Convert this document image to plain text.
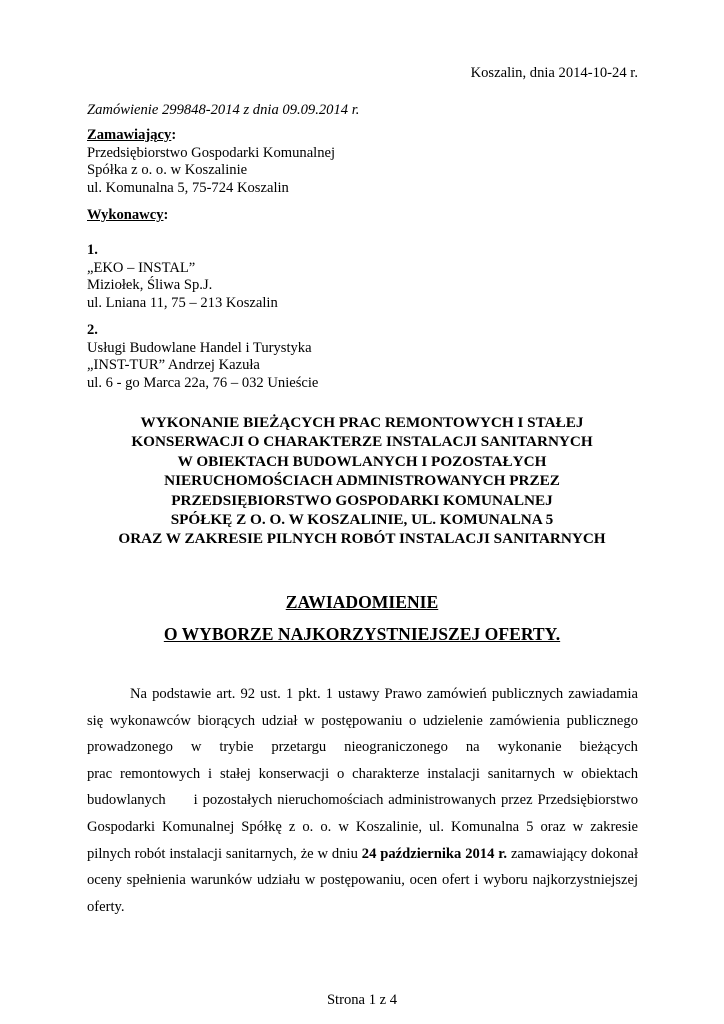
Koszalin, dnia 2014-10-24 r.
Zamówienie 299848-2014 z dnia 09.09.2014 r.
Zamawiający:
Przedsiębiorstwo Gospodarki Komunalnej
Spółka z o. o. w Koszalinie
ul. Komunalna 5, 75-724 Koszalin
Wykonawcy:
1.
„EKO – INSTAL”
Miziołek, Śliwa Sp.J.
ul. Lniana 11, 75 – 213 Koszalin
2.
Usługi Budowlane Handel i Turystyka
„INST-TUR” Andrzej Kazuła
ul. 6 - go Marca 22a, 76 – 032 Unieście
WYKONANIE BIEŻĄCYCH PRAC REMONTOWYCH I STAŁEJ
KONSERWACJI O CHARAKTERZE INSTALACJI SANITARNYCH
W OBIEKTACH BUDOWLANYCH I POZOSTAŁYCH
NIERUCHOMOŚCIACH ADMINISTROWANYCH PRZEZ
PRZEDSIĘBIORSTWO GOSPODARKI KOMUNALNEJ
SPÓŁKĘ Z O. O. W KOSZALINIE, UL. KOMUNALNA 5
ORAZ W ZAKRESIE PILNYCH ROBÓT INSTALACJI SANITARNYCH
ZAWIADOMIENIE
O WYBORZE NAJKORZYSTNIEJSZEJ OFERTY.
Na podstawie art. 92 ust. 1 pkt. 1 ustawy Prawo zamówień publicznych zawiadamia
się wykonawców biorących udział w postępowaniu o udzielenie zamówienia publicznego
prowadzonego w trybie przetargu nieograniczonego na wykonanie bieżących
prac remontowych i stałej konserwacji o charakterze instalacji sanitarnych w obiektach
budowlanych i pozostałych nieruchomościach administrowanych przez Przedsiębiorstwo
Gospodarki Komunalnej Spółkę z o. o. w Koszalinie, ul. Komunalna 5 oraz w zakresie
pilnych robót instalacji sanitarnych, że w dniu 24 października 2014 r. zamawiający dokonał
oceny spełnienia warunków udziału w postępowaniu, ocen ofert i wyboru najkorzystniejszej
oferty.
Strona 1 z 4
